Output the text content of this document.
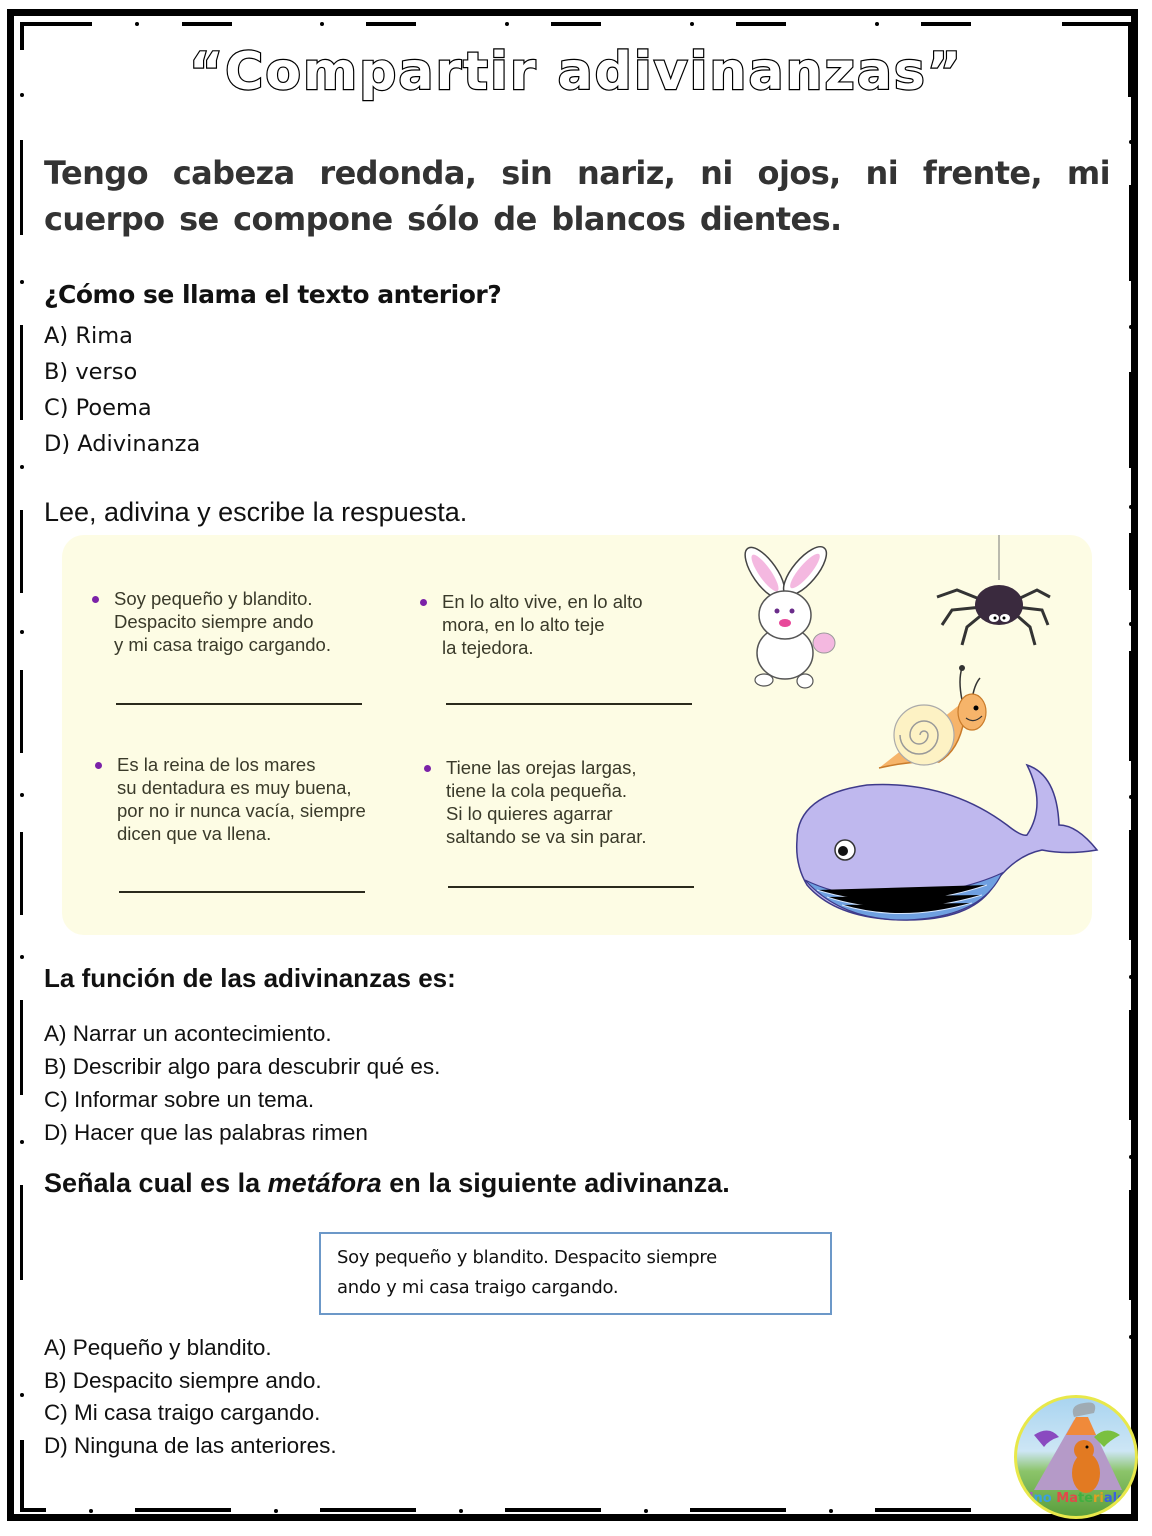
“Compartir adivinanzas”
Tengo cabeza redonda, sin nariz, ni ojos, ni frente, mi cuerpo se compone sólo de blancos dientes.
¿Cómo se llama el texto anterior?
A) Rima
B) verso
C) Poema
D) Adivinanza
Lee, adivina y escribe la respuesta.
Soy pequeño y blandito.
Despacito siempre ando
y mi casa traigo cargando.
En lo alto vive, en lo alto
mora, en lo alto teje
la tejedora.
Es la reina de los mares
su dentadura es muy buena,
por no ir nunca vacía, siempre
dicen que va llena.
Tiene las orejas largas,
tiene la cola pequeña.
Si lo quieres agarrar
saltando se va sin parar.
La función de las adivinanzas es:
A) Narrar un acontecimiento.
B) Describir algo para descubrir qué es.
C) Informar sobre un tema.
D) Hacer que las palabras rimen
Señala cual es la metáfora en la siguiente adivinanza.
Soy pequeño y blandito. Despacito siempre
ando y mi casa traigo cargando.
A) Pequeño y blandito.
B) Despacito siempre ando.
C) Mi casa traigo cargando.
D) Ninguna de las anteriores.
Dino Materiales
